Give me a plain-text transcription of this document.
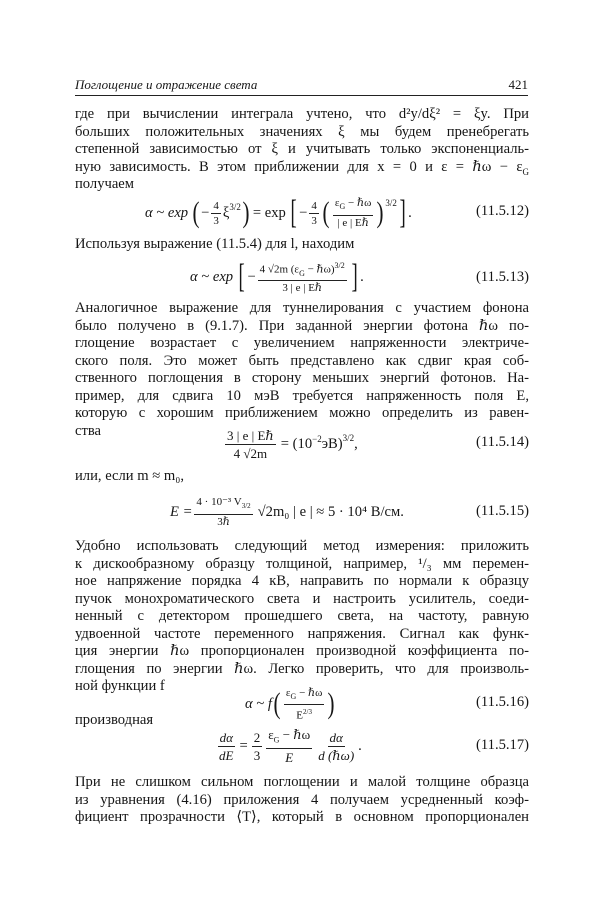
Поглощение и отражение света	421
где при вычислении интеграла учтено, что d²y/dξ² = ξy. При
больших положительных значениях ξ мы будем пренебрегать
степенной зависимостью от ξ и учитывать только экспоненциаль-
ную зависимость. В этом приближении для x = 0 и ε = ℏω − $\varepsilon_G$
получаем
α ~ exp ( − $\frac{4}{3} \xi^{3/2}$ ) = exp [ − $\frac{4}{3}$ ( $\frac{\varepsilon_G - \hbar\omega}{\text{| e | Eℏ}} )^{3/2}$ ] .	(11.5.12)
Используя выражение (11.5.4) для l, находим
α ~ exp [ − $\frac{4 √2m (\varepsilon_G - \hbar\omega)^{3/2}}{\text{3 | e | Eℏ}}$ ] .	(11.5.13)
Аналогичное выражение для туннелирования с участием фонона
было получено в (9.1.7). При заданной энергии фотона ℏω по-
глощение возрастает с увеличением напряженности электриче-
ского поля. Это может быть представлено как сдвиг края соб-
ственного поглощения в сторону меньших энергий фотонов. На-
пример, для сдвига 10 мэВ требуется напряженность поля E,
которую с хорошим приближением можно определить из равен-
ства	$\frac{\text{3 | e | Eℏ}}{4 √2m} = (10^{-2}$ эВ)$^{3/2}$ ,	(11.5.14)
или, если m ≈ m₀,
$E = \frac{4 \cdot 10^{-3} V_{3/2}}{\text{3ℏ}} √2m_0$ | e | ≈ 5 · 10⁴ В/см.	(11.5.15)
Удобно использовать следующий метод измерения: приложить
к дискообразному образцу толщиной, например, ¹/₃ мм перемен-
ное напряжение порядка 4 кВ, направить по нормали к образцу
пучок монохроматического света и настроить усилитель, соеди-
ненный с детектором прошедшего света, на частоту, равную
удвоенной частоте переменного напряжения. Сигнал как функ-
ция энергии ℏω пропорционален производной коэффициента по-
глощения по энергии ℏω. Легко проверить, что для произволь-
ной функции f
α ~ f ( $\frac{\varepsilon_G - \hbar\omega}{E^{2/3}}$ )	(11.5.16)
производная
$\frac{d\alpha}{dE} = \frac{2}{3} \frac{\varepsilon_G - \hbar\omega}{E} \frac{d\alpha}{\text{d (ℏω)}}$ .	(11.5.17)
При не слишком сильном поглощении и малой толщине образца
из уравнения (4.16) приложения 4 получаем усредненный коэф-
фициент прозрачности ⟨T⟩, который в основном пропорционален
